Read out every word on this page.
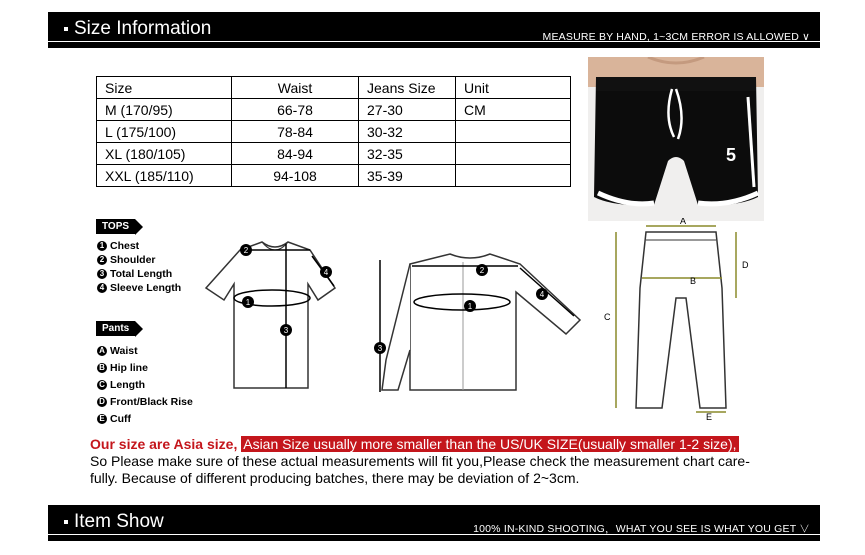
Size Information	MEASURE BY HAND, 1~3CM ERROR IS ALLOWED ∨
Size	Waist	Jeans Size	Unit
M (170/95)	66-78	27-30	CM
L (175/100)	78-84	30-32	
XL (180/105)	84-94	32-35	
XXL (185/110)	94-108	35-39	
5
TOPS
1 Chest
2 Shoulder
3 Total Length
4 Sleeve Length
Pants
A Waist
B Hip line
C Length
D Front/Black Rise
E Cuff
1
2
3
4
1
2
3
4
A
B
C
D
E
Our size are Asia size, Asian Size usually more smaller than the US/UK SIZE(usually smaller 1-2 size),
So Please make sure of these actual measurements will fit you,Please check the measurement chart care-
fully. Because of different producing batches, there may be deviation of 2~3cm.
Item Show	100% IN-KIND SHOOTING，WHAT YOU SEE IS WHAT YOU GET ∨
